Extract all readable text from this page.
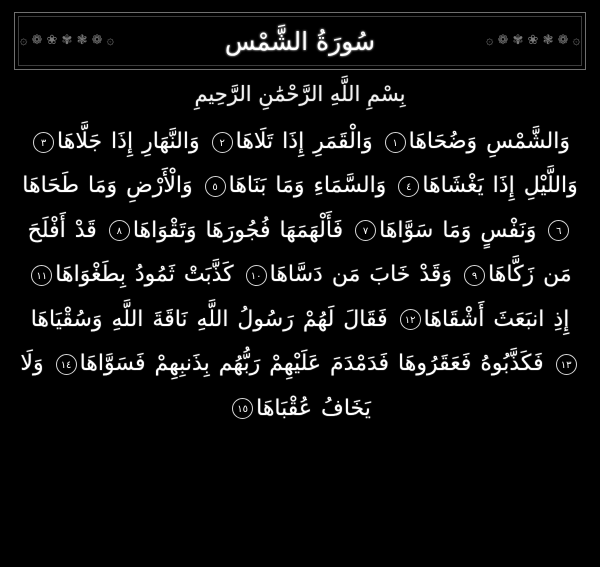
۞ ❁ ❀ ✾ ❃ ❁ ۞	۞ ❁ ✾ ❀ ❃ ❁ ۞
سُورَةُ الشَّمْس
بِسْمِ اللَّهِ الرَّحْمَٰنِ الرَّحِيمِ
وَالشَّمْسِ وَضُحَاهَا١ وَالْقَمَرِ إِذَا تَلَاهَا٢ وَالنَّهَارِ إِذَا جَلَّاهَا٣ وَاللَّيْلِ إِذَا يَغْشَاهَا٤ وَالسَّمَاءِ وَمَا بَنَاهَا٥ وَالْأَرْضِ وَمَا طَحَاهَا٦ وَنَفْسٍ وَمَا سَوَّاهَا٧ فَأَلْهَمَهَا فُجُورَهَا وَتَقْوَاهَا٨ قَدْ أَفْلَحَ مَن زَكَّاهَا٩ وَقَدْ خَابَ مَن دَسَّاهَا١٠ كَذَّبَتْ ثَمُودُ بِطَغْوَاهَا١١ إِذِ انبَعَثَ أَشْقَاهَا١٢ فَقَالَ لَهُمْ رَسُولُ اللَّهِ نَاقَةَ اللَّهِ وَسُقْيَاهَا١٣ فَكَذَّبُوهُ فَعَقَرُوهَا فَدَمْدَمَ عَلَيْهِمْ رَبُّهُم بِذَنبِهِمْ فَسَوَّاهَا١٤ وَلَا يَخَافُ عُقْبَاهَا١٥
